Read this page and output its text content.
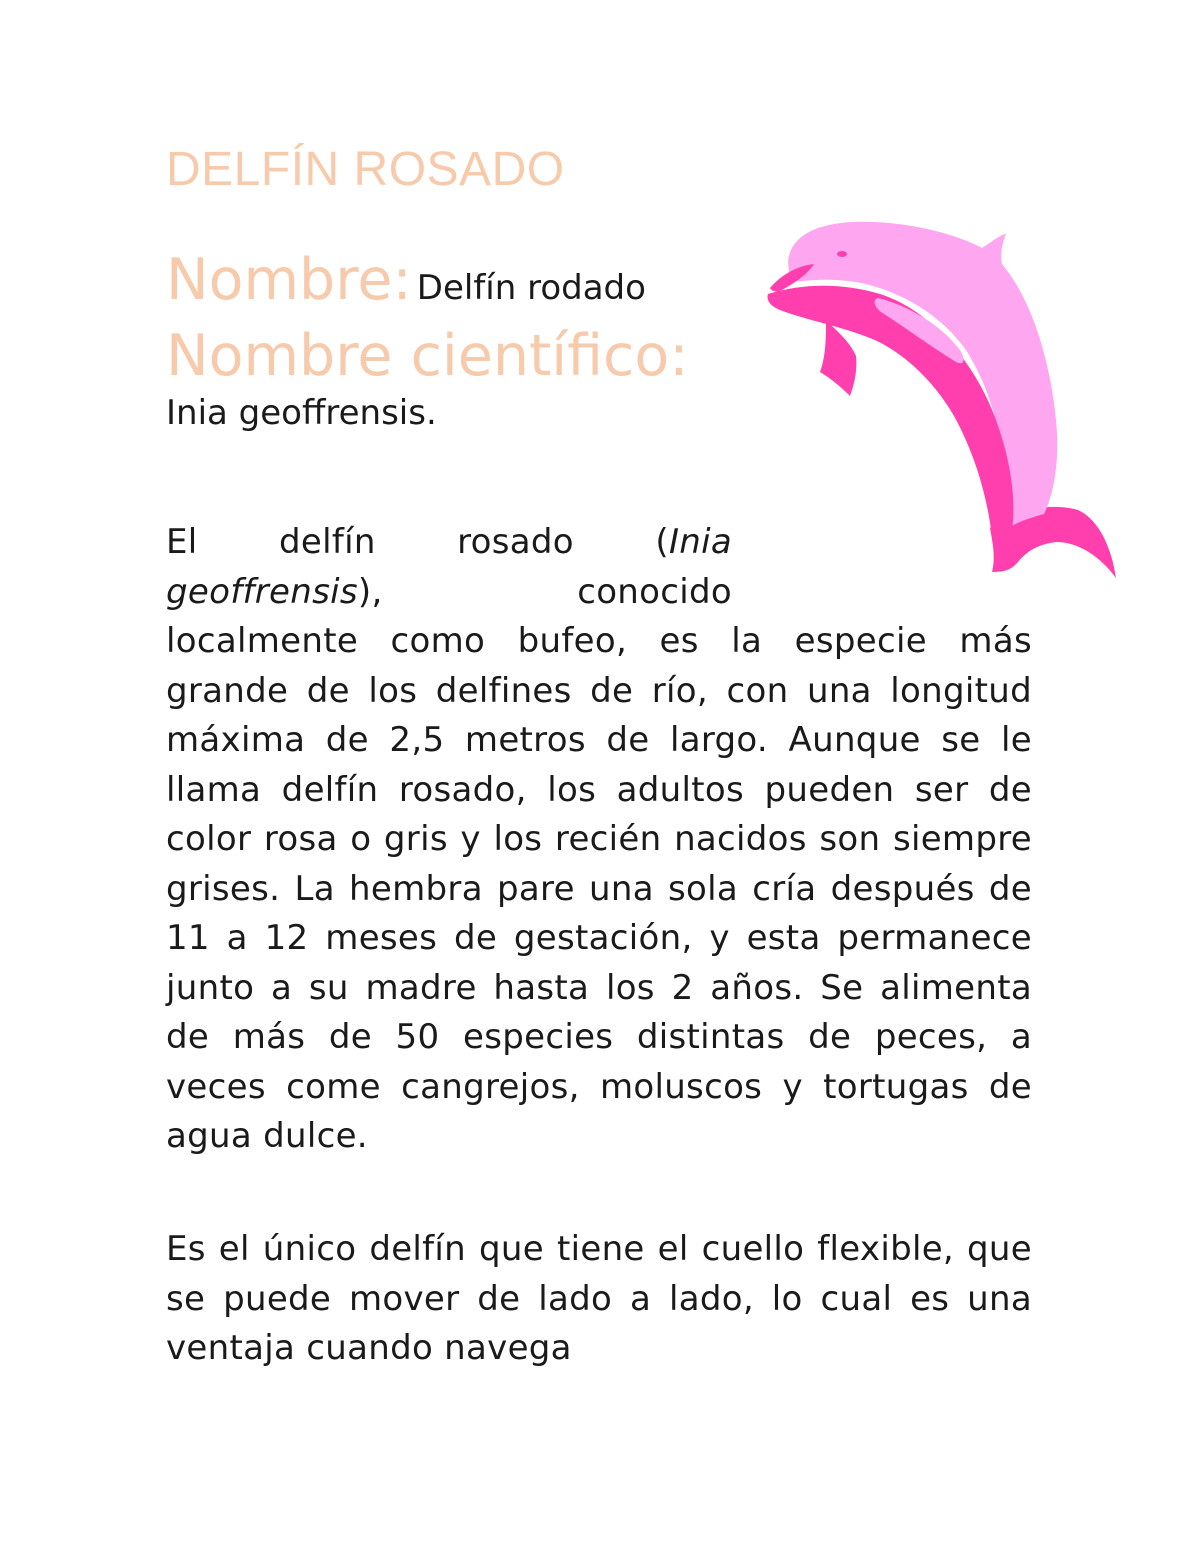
DELFÍN ROSADO

Nombre: Delfín rodado

Nombre científico:

Inia geoffrensis.

El delfín rosado (Inia geoffrensis), conocido localmente como bufeo, es la especie más grande de los delfines de río, con una longitud máxima de 2,5 metros de largo. Aunque se le llama delfín rosado, los adultos pueden ser de color rosa o gris y los recién nacidos son siempre grises. La hembra pare una sola cría después de 11 a 12 meses de gestación, y esta permanece junto a su madre hasta los 2 años. Se alimenta de más de 50 especies distintas de peces, a veces come cangrejos, moluscos y tortugas de agua dulce.

Es el único delfín que tiene el cuello flexible, que se puede mover de lado a lado, lo cual es una ventaja cuando navega
